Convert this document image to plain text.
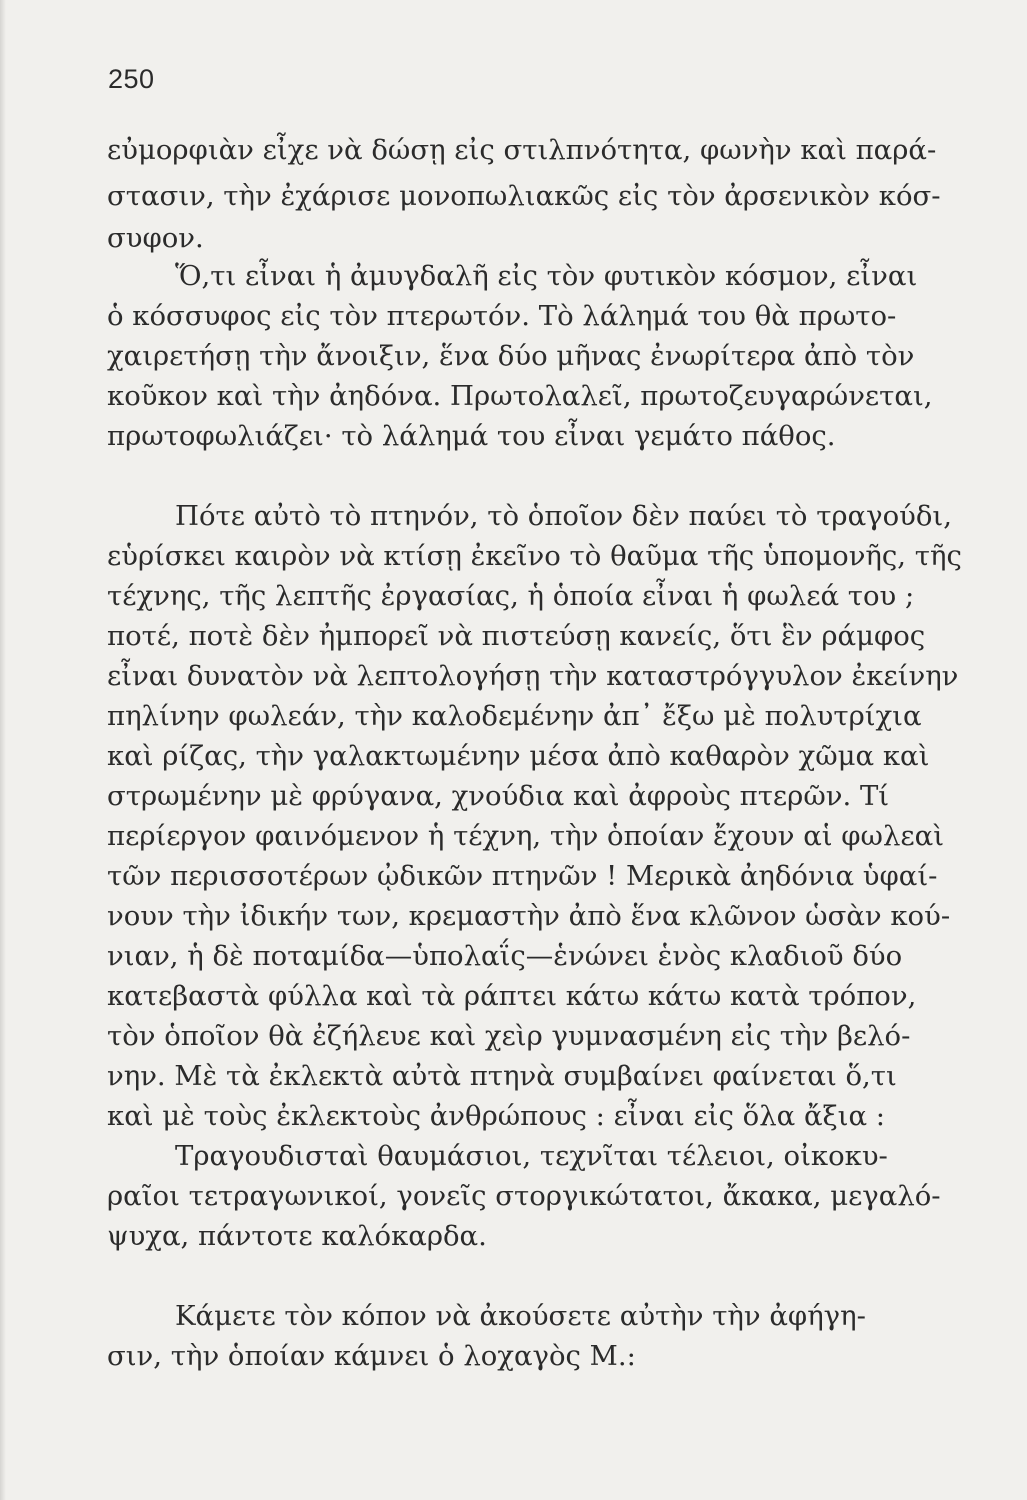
250
εὐμορφιὰν εἶχε νὰ δώσῃ εἰς στιλπνότητα, φωνὴν καὶ παρά-
στασιν, τὴν ἐχάρισε μονοπωλιακῶς εἰς τὸν ἀρσενικὸν κόσ-
συφον.
Ὅ,τι εἶναι ἡ ἀμυγδαλῆ εἰς τὸν φυτικὸν κόσμον, εἶναι
ὁ κόσσυφος εἰς τὸν πτερωτόν. Τὸ λάλημά του θὰ πρωτο-
χαιρετήσῃ τὴν ἄνοιξιν, ἕνα δύο μῆνας ἐνωρίτερα ἀπὸ τὸν
κοῦκον καὶ τὴν ἀηδόνα. Πρωτολαλεῖ, πρωτοζευγαρώνεται,
πρωτοφωλιάζει· τὸ λάλημά του εἶναι γεμάτο πάθος.
Πότε αὐτὸ τὸ πτηνόν, τὸ ὁποῖον δὲν παύει τὸ τραγούδι,
εὑρίσκει καιρὸν νὰ κτίσῃ ἐκεῖνο τὸ θαῦμα τῆς ὑπομονῆς, τῆς
τέχνης, τῆς λεπτῆς ἐργασίας, ἡ ὁποία εἶναι ἡ φωλεά του ;
ποτέ, ποτὲ δὲν ἠμπορεῖ νὰ πιστεύσῃ κανείς, ὅτι ἓν ράμφος
εἶναι δυνατὸν νὰ λεπτολογήσῃ τὴν καταστρόγγυλον ἐκείνην
πηλίνην φωλεάν, τὴν καλοδεμένην ἀπ᾽ ἔξω μὲ πολυτρίχια
καὶ ρίζας, τὴν γαλακτωμένην μέσα ἀπὸ καθαρὸν χῶμα καὶ
στρωμένην μὲ φρύγανα, χνούδια καὶ ἀφροὺς πτερῶν. Τί
περίεργον φαινόμενον ἡ τέχνη, τὴν ὁποίαν ἔχουν αἱ φωλεαὶ
τῶν περισσοτέρων ᾠδικῶν πτηνῶν ! Μερικὰ ἀηδόνια ὑφαί-
νουν τὴν ἰδικήν των, κρεμαστὴν ἀπὸ ἕνα κλῶνον ὡσὰν κού-
νιαν, ἡ δὲ ποταμίδα—ὑπολαΐς—ἑνώνει ἑνὸς κλαδιοῦ δύο
κατεβαστὰ φύλλα καὶ τὰ ράπτει κάτω κάτω κατὰ τρόπον,
τὸν ὁποῖον θὰ ἐζήλευε καὶ χεὶρ γυμνασμένη εἰς τὴν βελό-
νην. Μὲ τὰ ἐκλεκτὰ αὐτὰ πτηνὰ συμβαίνει φαίνεται ὅ,τι
καὶ μὲ τοὺς ἐκλεκτοὺς ἀνθρώπους : εἶναι εἰς ὅλα ἄξια :
Τραγουδισταὶ θαυμάσιοι, τεχνῖται τέλειοι, οἰκοκυ-
ραῖοι τετραγωνικοί, γονεῖς στοργικώτατοι, ἄκακα, μεγαλό-
ψυχα, πάντοτε καλόκαρδα.
Κάμετε τὸν κόπον νὰ ἀκούσετε αὐτὴν τὴν ἀφήγη-
σιν, τὴν ὁποίαν κάμνει ὁ λοχαγὸς Μ.:
